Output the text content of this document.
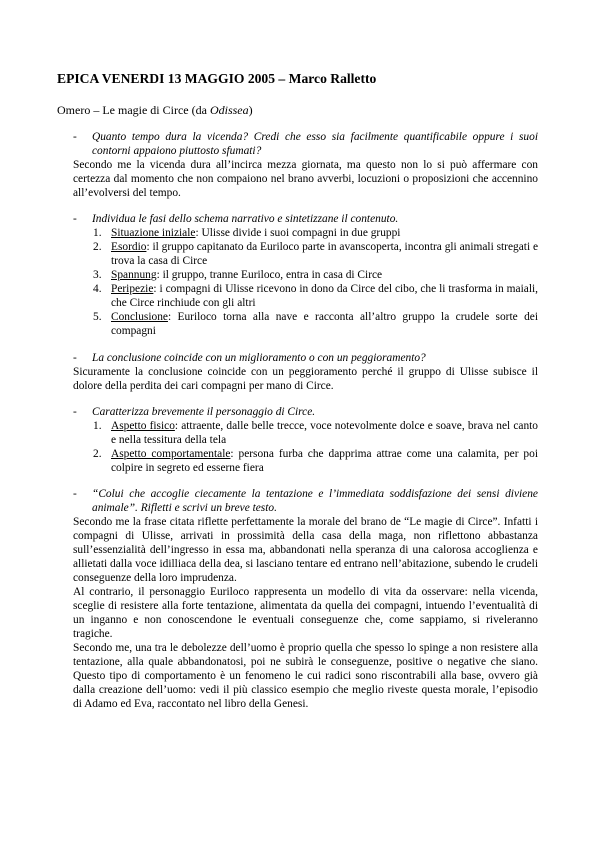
EPICA VENERDI 13 MAGGIO 2005 – Marco Ralletto
Omero – Le magie di Circe (da Odissea)
- Quanto tempo dura la vicenda? Credi che esso sia facilmente quantificabile oppure i suoi contorni appaiono piuttosto sfumati?

Secondo me la vicenda dura all’incirca mezza giornata, ma questo non lo si può affermare con certezza dal momento che non compaiono nel brano avverbi, locuzioni o proposizioni che accennino all’evolversi del tempo.

- Individua le fasi dello schema narrativo e sintetizzane il contenuto.
1. Situazione iniziale: Ulisse divide i suoi compagni in due gruppi
2. Esordio: il gruppo capitanato da Euriloco parte in avanscoperta, incontra gli animali stregati e trova la casa di Circe
3. Spannung: il gruppo, tranne Euriloco, entra in casa di Circe
4. Peripezie: i compagni di Ulisse ricevono in dono da Circe del cibo, che li trasforma in maiali, che Circe rinchiude con gli altri
5. Conclusione: Euriloco torna alla nave e racconta all’altro gruppo la crudele sorte dei compagni
- La conclusione coincide con un miglioramento o con un peggioramento?

Sicuramente la conclusione coincide con un peggioramento perché il gruppo di Ulisse subisce il dolore della perdita dei cari compagni per mano di Circe.

- Caratterizza brevemente il personaggio di Circe.
1. Aspetto fisico: attraente, dalle belle trecce, voce notevolmente dolce e soave, brava nel canto e nella tessitura della tela
2. Aspetto comportamentale: persona furba che dapprima attrae come una calamita, per poi colpire in segreto ed esserne fiera
- “Colui che accoglie ciecamente la tentazione e l’immediata soddisfazione dei sensi diviene animale”. Rifletti e scrivi un breve testo.

Secondo me la frase citata riflette perfettamente la morale del brano de “Le magie di Circe”. Infatti i compagni di Ulisse, arrivati in prossimità della casa della maga, non riflettono abbastanza sull’essenzialità dell’ingresso in essa ma, abbandonati nella speranza di una calorosa accoglienza e allietati dalla voce idilliaca della dea, si lasciano tentare ed entrano nell’abitazione, subendo le crudeli conseguenze della loro imprudenza.

Al contrario, il personaggio Euriloco rappresenta un modello di vita da osservare: nella vicenda, sceglie di resistere alla forte tentazione, alimentata da quella dei compagni, intuendo l’eventualità di un inganno e non conoscendone le eventuali conseguenze che, come sappiamo, si riveleranno tragiche.

Secondo me, una tra le debolezze dell’uomo è proprio quella che spesso lo spinge a non resistere alla tentazione, alla quale abbandonatosi, poi ne subirà le conseguenze, positive o negative che siano. Questo tipo di comportamento è un fenomeno le cui radici sono riscontrabili alla base, ovvero già dalla creazione dell’uomo: vedi il più classico esempio che meglio riveste questa morale, l’episodio di Adamo ed Eva, raccontato nel libro della Genesi.
